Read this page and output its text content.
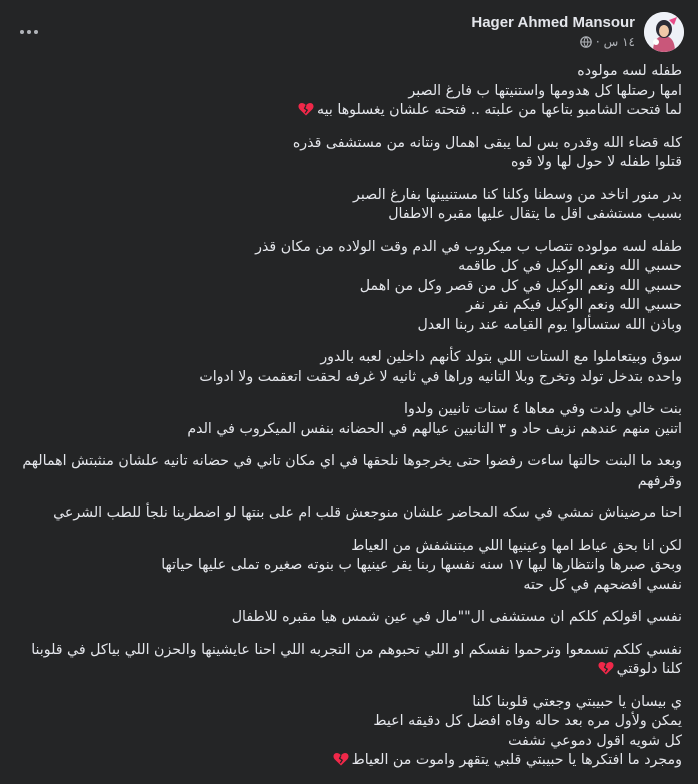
Hager Ahmed Mansour
١٤ س
·
طفله لسه مولوده
امها رصتلها كل هدومها واستنيتها ب فارغ الصبر
لما فتحت الشامبو بتاعها من علبته .. فتحته علشان يغسلوها بيه
كله قضاء الله وقدره بس لما يبقى اهمال ونتانه من مستشفى قذره
قتلوا طفله لا حول لها ولا قوه
بدر منور اتاخد من وسطنا وكلنا كنا مستنيينها بفارغ الصبر
بسبب مستشفى اقل ما يتقال عليها مقبره الاطفال
طفله لسه مولوده تتصاب ب ميكروب في الدم وقت الولاده من مكان قذر
حسبي الله ونعم الوكيل في كل طاقمه
حسبي الله ونعم الوكيل في كل من قصر وكل من اهمل
حسبي الله ونعم الوكيل فيكم نفر نفر
وباذن الله ستسألوا يوم القيامه عند ربنا العدل
سوق وبيتعاملوا مع الستات اللي بتولد كأنهم داخلين لعبه بالدور
واحده بتدخل تولد وتخرج وبلا التانيه وراها في ثانيه لا غرفه لحقت اتعقمت ولا ادوات
بنت خالي ولدت وفي معاها ٤ ستات تانيين ولدوا
اتنين منهم عندهم نزيف حاد و ٣ التانيين عيالهم في الحضانه بنفس الميكروب في الدم
وبعد ما البنت حالتها ساءت رفضوا حتى يخرجوها نلحقها في اي مكان تاني في حضانه تانيه علشان منثبتش اهمالهم وقرفهم
احنا مرضيناش نمشي في سكه المحاضر علشان منوجعش قلب ام على بنتها لو اضطرينا نلجأ للطب الشرعي
لكن انا بحق عياط امها وعينيها اللي مبتنشفش من العياط
وبحق صبرها وانتظارها ليها ١٧ سنه نفسها ربنا يقر عينيها ب بنوته صغيره تملى عليها حياتها
نفسي افضحهم في كل حته
نفسي اقولكم كلكم ان مستشفى ال""مال في عين شمس هيا مقبره للاطفال
نفسي كلكم تسمعوا وترحموا نفسكم او اللي تحبوهم من التجربه اللي احنا عايشينها والحزن اللي بياكل في قلوبنا
كلنا دلوقتي
ي بيسان يا حبيبتي وجعتي قلوبنا كلنا
يمكن ولأول مره بعد حاله وفاه افضل كل دقيقه اعيط
كل شويه اقول دموعي نشفت
ومجرد ما افتكرها يا حبيبتي قلبي يتقهر واموت من العياط
